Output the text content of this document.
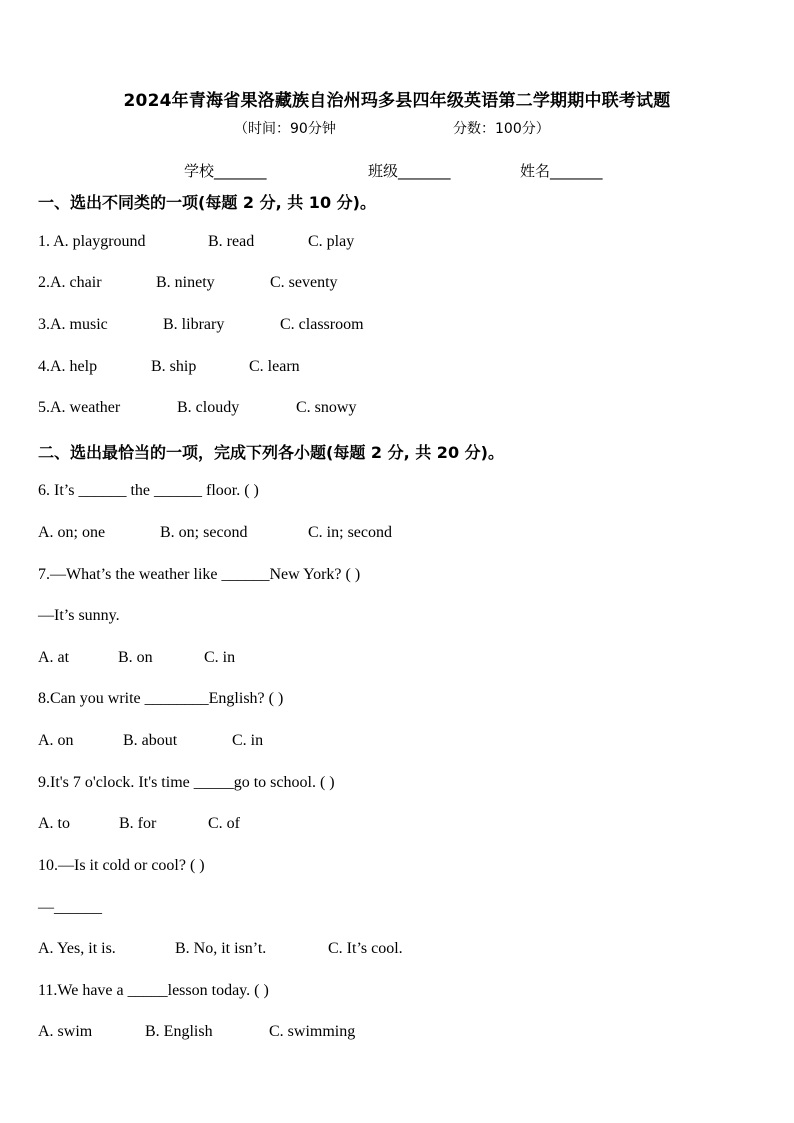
2024年青海省果洛藏族自治州玛多县四年级英语第二学期期中联考试题
（时间：90分钟	分数：100分）
学校_______	班级_______	姓名_______
一、选出不同类的一项(每题 2 分, 共 10 分)。
1. A. playground	B. read	C. play
2.A. chair	B. ninety	C. seventy
3.A. music	B. library	C. classroom
4.A. help	B. ship	C. learn
5.A. weather	B. cloudy	C. snowy
二、选出最恰当的一项，完成下列各小题(每题 2 分, 共 20 分)。
6. It’s ______ the ______ floor. ( )
A. on; one	B. on; second	C. in; second
7.—What’s the weather like ______New York? ( )
—It’s sunny.
A. at	B. on	C. in
8.Can you write ________English? ( )
A. on	B. about	C. in
9.It's 7 o'clock. It's time _____go to school. ( )
A. to	B. for	C. of
10.—Is it cold or cool? ( )
—______
A. Yes, it is.	B. No, it isn’t.	C. It’s cool.
11.We have a _____lesson today. ( )
A. swim	B. English	C. swimming
